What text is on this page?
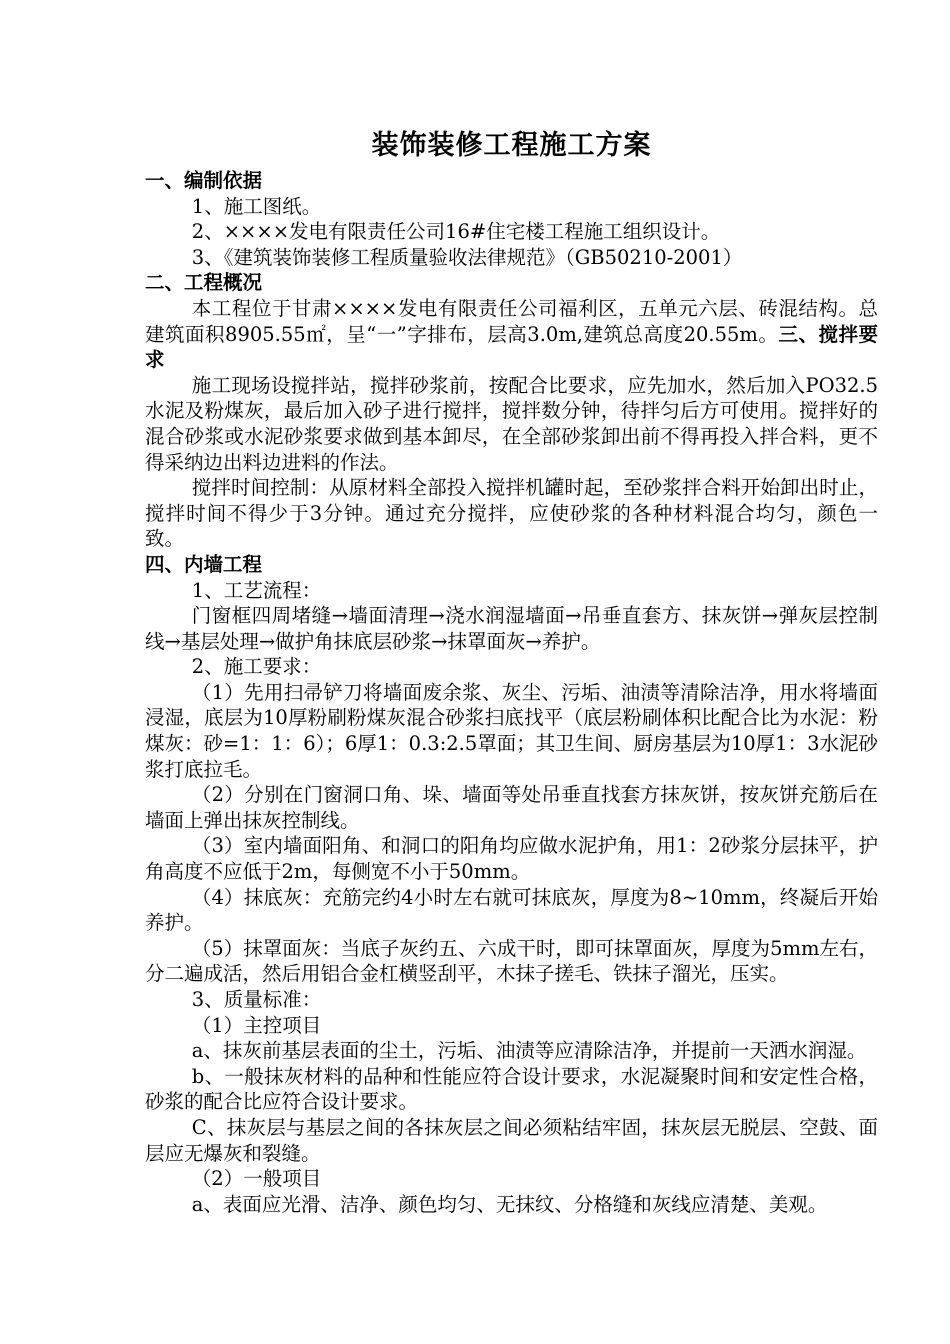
装饰装修工程施工方案
一、编制依据
1、施工图纸。
2、××××发电有限责任公司16#住宅楼工程施工组织设计。
3、《建筑装饰装修工程质量验收法律规范》（GB50210-2001）
二、工程概况
本工程位于甘肃××××发电有限责任公司福利区，五单元六层、砖混结构。总建筑面积8905.55㎡，呈“一”字排布，层高3.0m,建筑总高度20.55m。三、搅拌要求
施工现场设搅拌站，搅拌砂浆前，按配合比要求，应先加水，然后加入PO32.5水泥及粉煤灰，最后加入砂子进行搅拌，搅拌数分钟，待拌匀后方可使用。搅拌好的混合砂浆或水泥砂浆要求做到基本卸尽，在全部砂浆卸出前不得再投入拌合料，更不得采纳边出料边进料的作法。
搅拌时间控制：从原材料全部投入搅拌机罐时起，至砂浆拌合料开始卸出时止，搅拌时间不得少于3分钟。通过充分搅拌，应使砂浆的各种材料混合均匀，颜色一致。
四、内墙工程
1、工艺流程：
门窗框四周堵缝→墙面清理→浇水润湿墙面→吊垂直套方、抹灰饼→弹灰层控制线→基层处理→做护角抹底层砂浆→抹罩面灰→养护。
2、施工要求：
（1）先用扫帚铲刀将墙面废余浆、灰尘、污垢、油渍等清除洁净，用水将墙面浸湿，底层为10厚粉刷粉煤灰混合砂浆扫底找平（底层粉刷体积比配合比为水泥：粉煤灰：砂=1：1：6）；6厚1：0.3:2.5罩面；其卫生间、厨房基层为10厚1：3水泥砂浆打底拉毛。
（2）分别在门窗洞口角、垛、墙面等处吊垂直找套方抹灰饼，按灰饼充筋后在墙面上弹出抹灰控制线。
（3）室内墙面阳角、和洞口的阳角均应做水泥护角，用1：2砂浆分层抹平，护角高度不应低于2m，每侧宽不小于50mm。
（4）抹底灰：充筋完约4小时左右就可抹底灰，厚度为8~10mm，终凝后开始养护。
（5）抹罩面灰：当底子灰约五、六成干时，即可抹罩面灰，厚度为5mm左右，分二遍成活，然后用铝合金杠横竖刮平，木抹子搓毛、铁抹子溜光，压实。
3、质量标准：
（1）主控项目
a、抹灰前基层表面的尘土，污垢、油渍等应清除洁净，并提前一天洒水润湿。
b、一般抹灰材料的品种和性能应符合设计要求，水泥凝聚时间和安定性合格，砂浆的配合比应符合设计要求。
C、抹灰层与基层之间的各抹灰层之间必须粘结牢固，抹灰层无脱层、空鼓、面层应无爆灰和裂缝。
（2）一般项目
a、表面应光滑、洁净、颜色均匀、无抹纹、分格缝和灰线应清楚、美观。
